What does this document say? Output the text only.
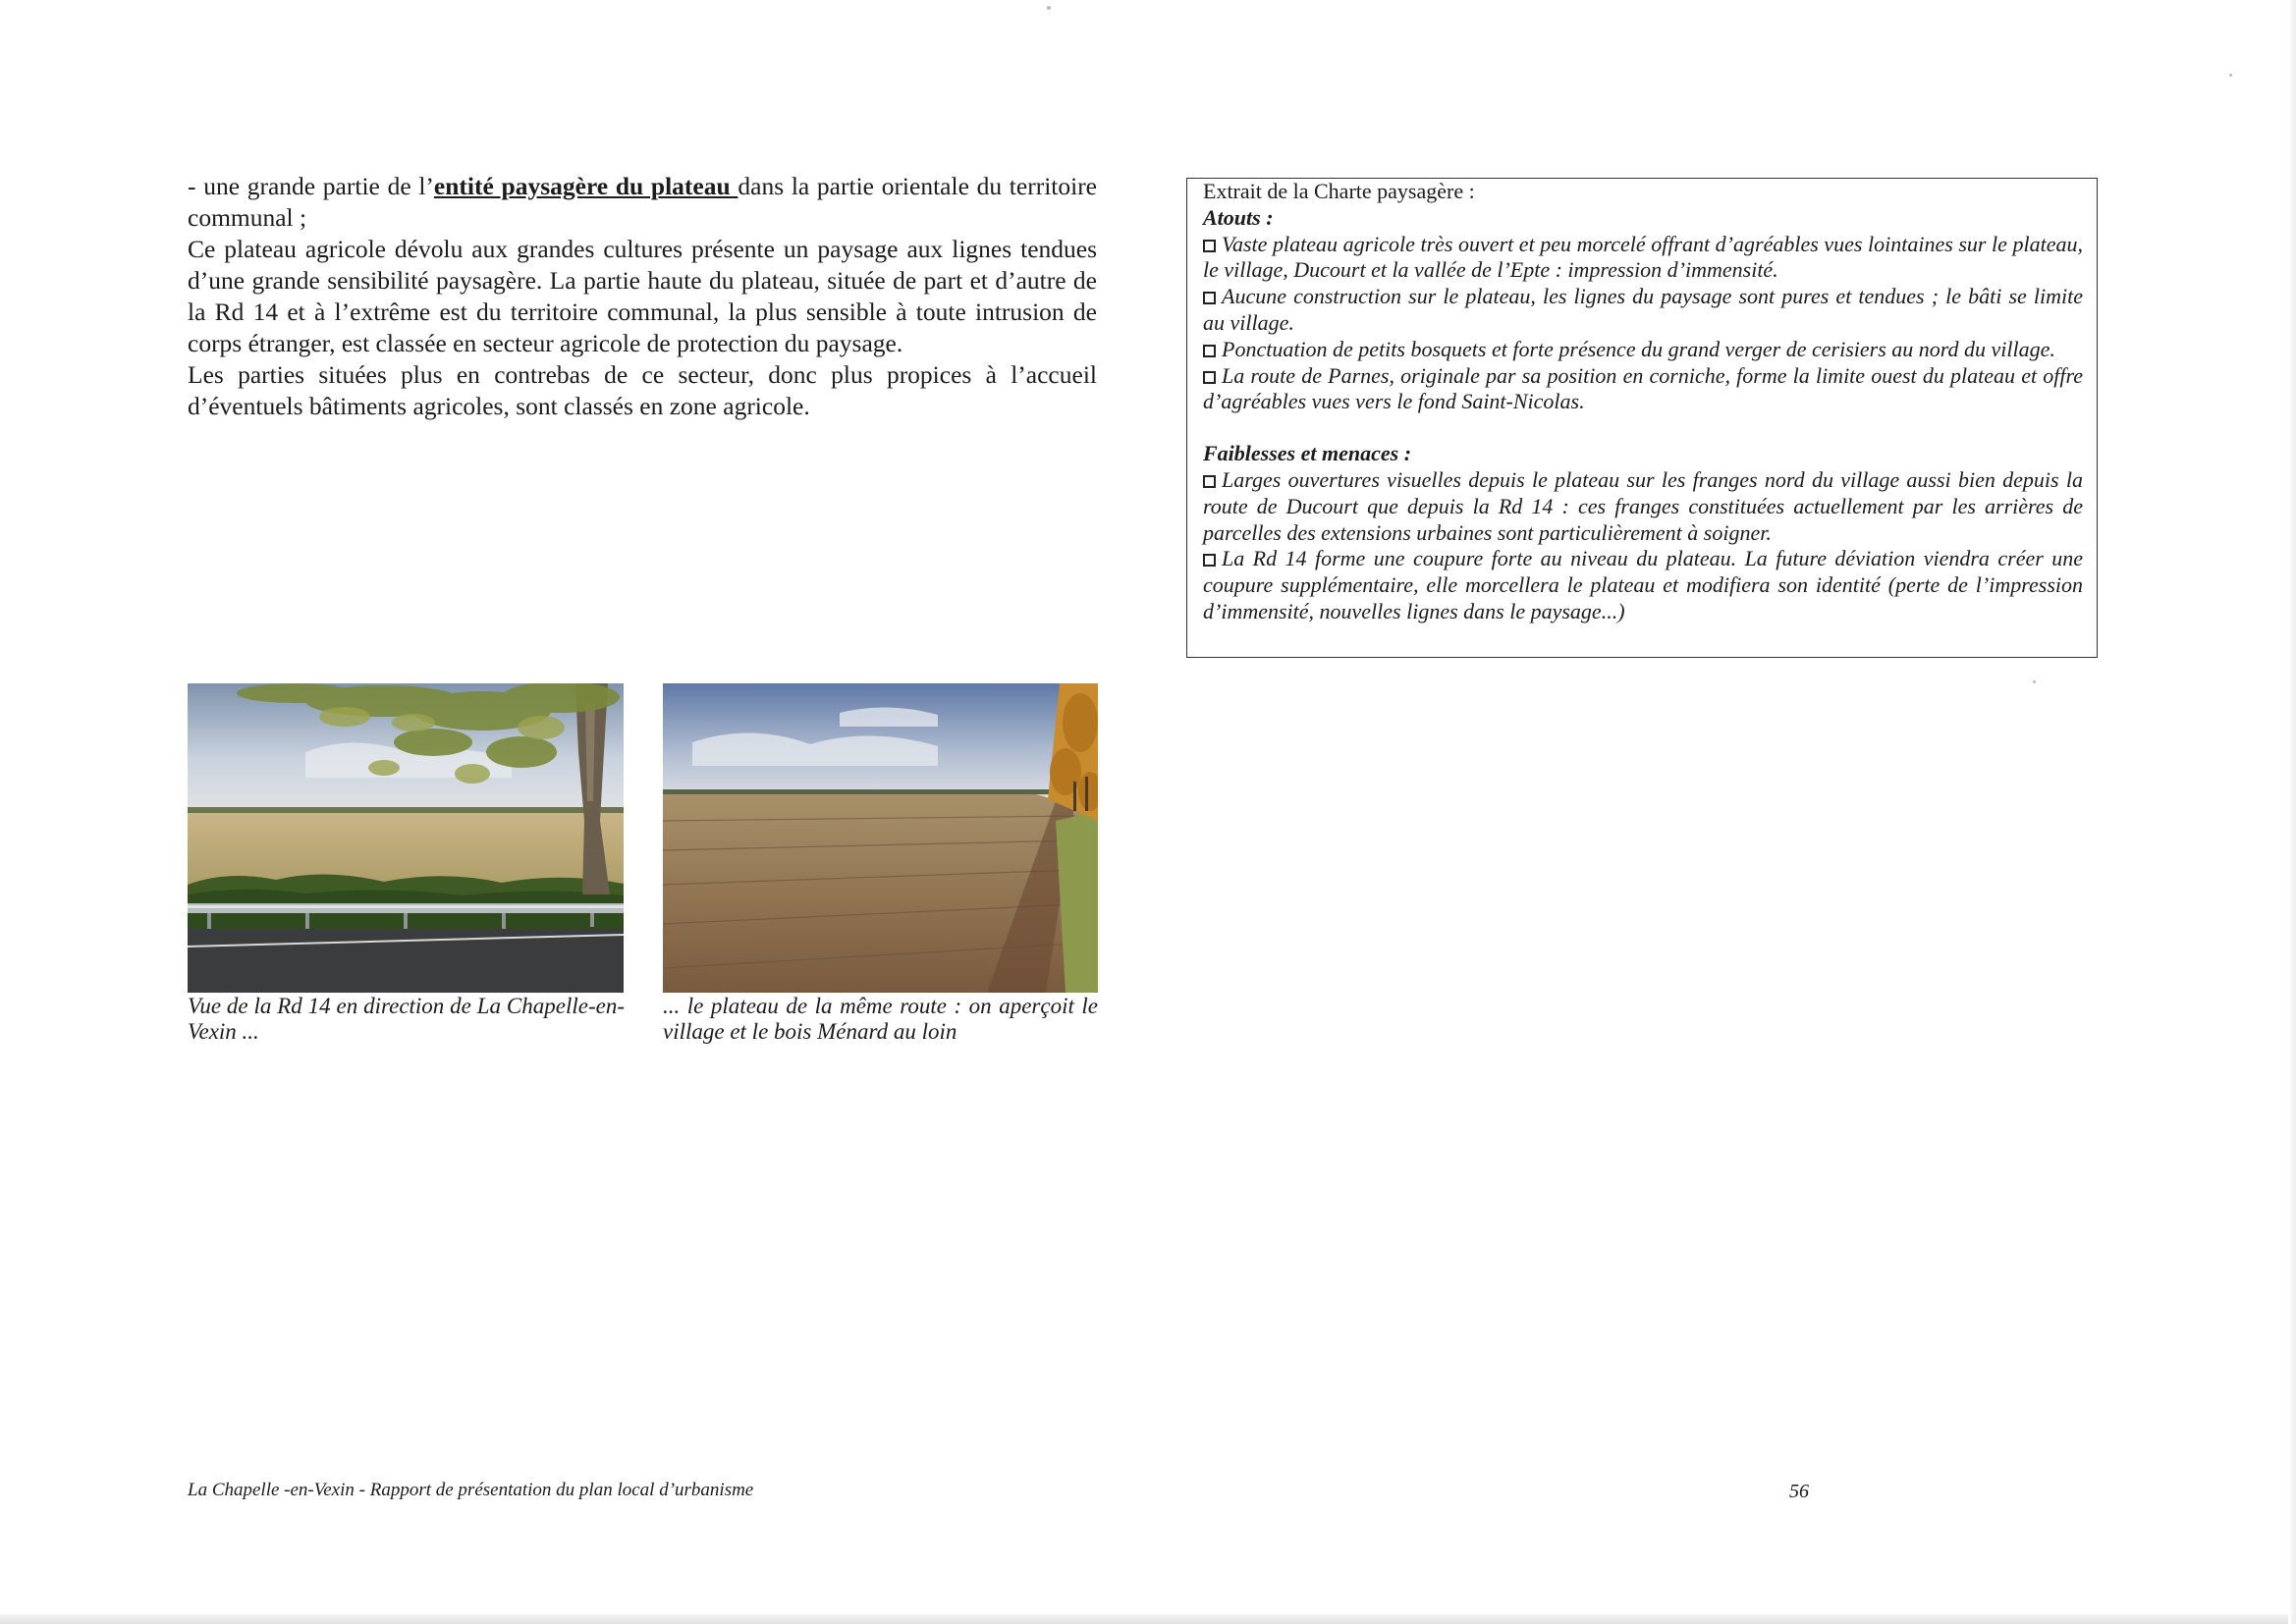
- une grande partie de l’entité paysagère du plateau dans la partie orientale du territoire communal ;

Ce plateau agricole dévolu aux grandes cultures présente un paysage aux lignes tendues d’une grande sensibilité paysagère. La partie haute du plateau, située de part et d’autre de la Rd 14 et à l’extrême est du territoire communal, la plus sensible à toute intrusion de corps étranger, est classée en secteur agricole de protection du paysage.

Les parties situées plus en contrebas de ce secteur, donc plus propices à l’accueil d’éventuels bâtiments agricoles, sont classés en zone agricole.

Extrait de la Charte paysagère :
Atouts :

Vaste plateau agricole très ouvert et peu morcelé offrant d’agréables vues lointaines sur le plateau, le village, Ducourt et la vallée de l’Epte : impression d’immensité.

Aucune construction sur le plateau, les lignes du paysage sont pures et tendues ; le bâti se limite au village.

Ponctuation de petits bosquets et forte présence du grand verger de cerisiers au nord du village.

La route de Parnes, originale par sa position en corniche, forme la limite ouest du plateau et offre d’agréables vues vers le fond Saint-Nicolas.

Faiblesses et menaces :

Larges ouvertures visuelles depuis le plateau sur les franges nord du village aussi bien depuis la route de Ducourt que depuis la Rd 14 : ces franges constituées actuellement par les arrières de parcelles des extensions urbaines sont particulièrement à soigner.

La Rd 14 forme une coupure forte au niveau du plateau. La future déviation viendra créer une coupure supplémentaire, elle morcellera le plateau et modifiera son identité (perte de l’impression d’immensité, nouvelles lignes dans le paysage...)

Vue de la Rd 14 en direction de La Chapelle-en-Vexin ...
... le plateau de la même route : on aperçoit le village et le bois Ménard au loin
La Chapelle -en-Vexin - Rapport de présentation du plan local d’urbanisme	56
